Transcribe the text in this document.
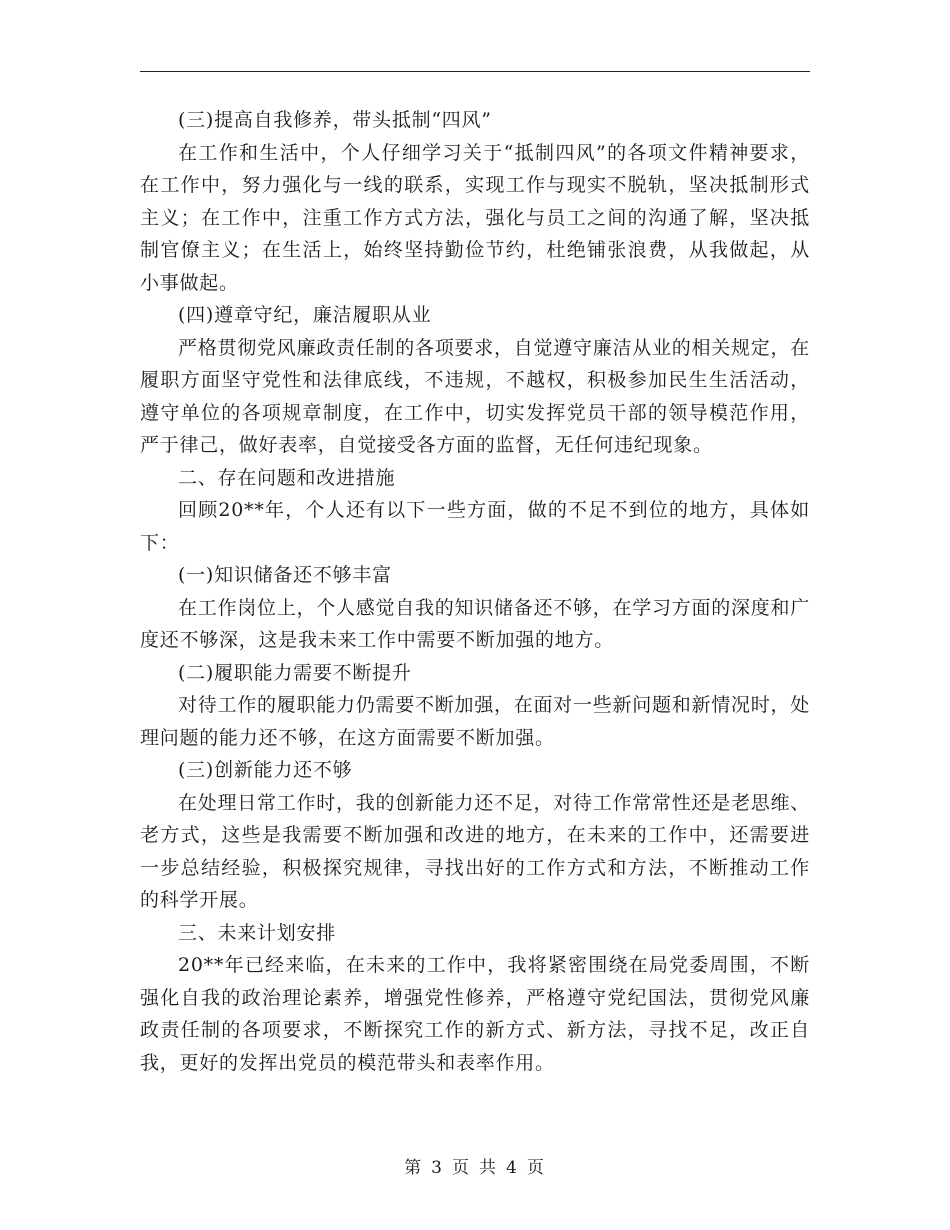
(三)提高自我修养，带头抵制“四风”

在工作和生活中，个人仔细学习关于“抵制四风”的各项文件精神要求，在工作中，努力强化与一线的联系，实现工作与现实不脱轨，坚决抵制形式主义；在工作中，注重工作方式方法，强化与员工之间的沟通了解，坚决抵制官僚主义；在生活上，始终坚持勤俭节约，杜绝铺张浪费，从我做起，从小事做起。

(四)遵章守纪，廉洁履职从业

严格贯彻党风廉政责任制的各项要求，自觉遵守廉洁从业的相关规定，在履职方面坚守党性和法律底线，不违规，不越权，积极参加民生生活活动，遵守单位的各项规章制度，在工作中，切实发挥党员干部的领导模范作用，严于律己，做好表率，自觉接受各方面的监督，无任何违纪现象。

二、存在问题和改进措施

回顾20**年，个人还有以下一些方面，做的不足不到位的地方，具体如下：

(一)知识储备还不够丰富

在工作岗位上，个人感觉自我的知识储备还不够，在学习方面的深度和广度还不够深，这是我未来工作中需要不断加强的地方。

(二)履职能力需要不断提升

对待工作的履职能力仍需要不断加强，在面对一些新问题和新情况时，处理问题的能力还不够，在这方面需要不断加强。

(三)创新能力还不够

在处理日常工作时，我的创新能力还不足，对待工作常常性还是老思维、老方式，这些是我需要不断加强和改进的地方，在未来的工作中，还需要进一步总结经验，积极探究规律，寻找出好的工作方式和方法，不断推动工作的科学开展。

三、未来计划安排

20**年已经来临，在未来的工作中，我将紧密围绕在局党委周围，不断强化自我的政治理论素养，增强党性修养，严格遵守党纪国法，贯彻党风廉政责任制的各项要求，不断探究工作的新方式、新方法，寻找不足，改正自我，更好的发挥出党员的模范带头和表率作用。

第 3 页 共 4 页
